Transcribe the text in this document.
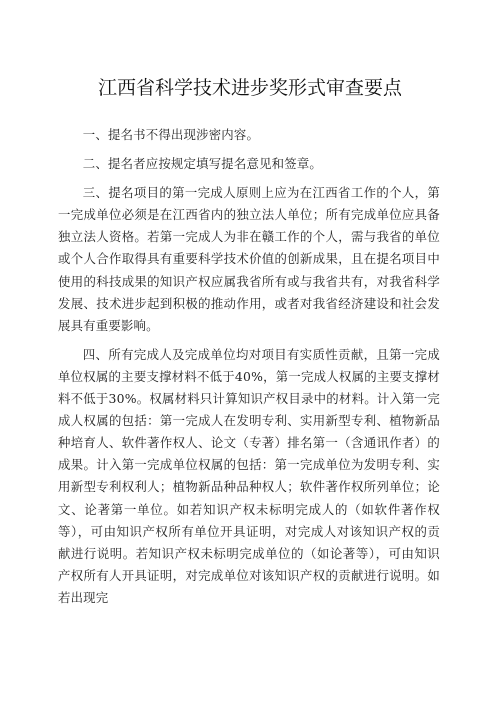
江西省科学技术进步奖形式审查要点

一、提名书不得出现涉密内容。

二、提名者应按规定填写提名意见和签章。

三、提名项目的第一完成人原则上应为在江西省工作的个人，第一完成单位必须是在江西省内的独立法人单位；所有完成单位应具备独立法人资格。若第一完成人为非在赣工作的个人，需与我省的单位或个人合作取得具有重要科学技术价值的创新成果，且在提名项目中使用的科技成果的知识产权应属我省所有或与我省共有，对我省科学发展、技术进步起到积极的推动作用，或者对我省经济建设和社会发展具有重要影响。

四、所有完成人及完成单位均对项目有实质性贡献，且第一完成单位权属的主要支撑材料不低于40%，第一完成人权属的主要支撑材料不低于30%。权属材料只计算知识产权目录中的材料。计入第一完成人权属的包括：第一完成人在发明专利、实用新型专利、植物新品种培育人、软件著作权人、论文（专著）排名第一（含通讯作者）的成果。计入第一完成单位权属的包括：第一完成单位为发明专利、实用新型专利权利人；植物新品种品种权人；软件著作权所列单位；论文、论著第一单位。如若知识产权未标明完成人的（如软件著作权等），可由知识产权所有单位开具证明，对完成人对该知识产权的贡献进行说明。若知识产权未标明完成单位的（如论著等），可由知识产权所有人开具证明，对完成单位对该知识产权的贡献进行说明。如若出现完
